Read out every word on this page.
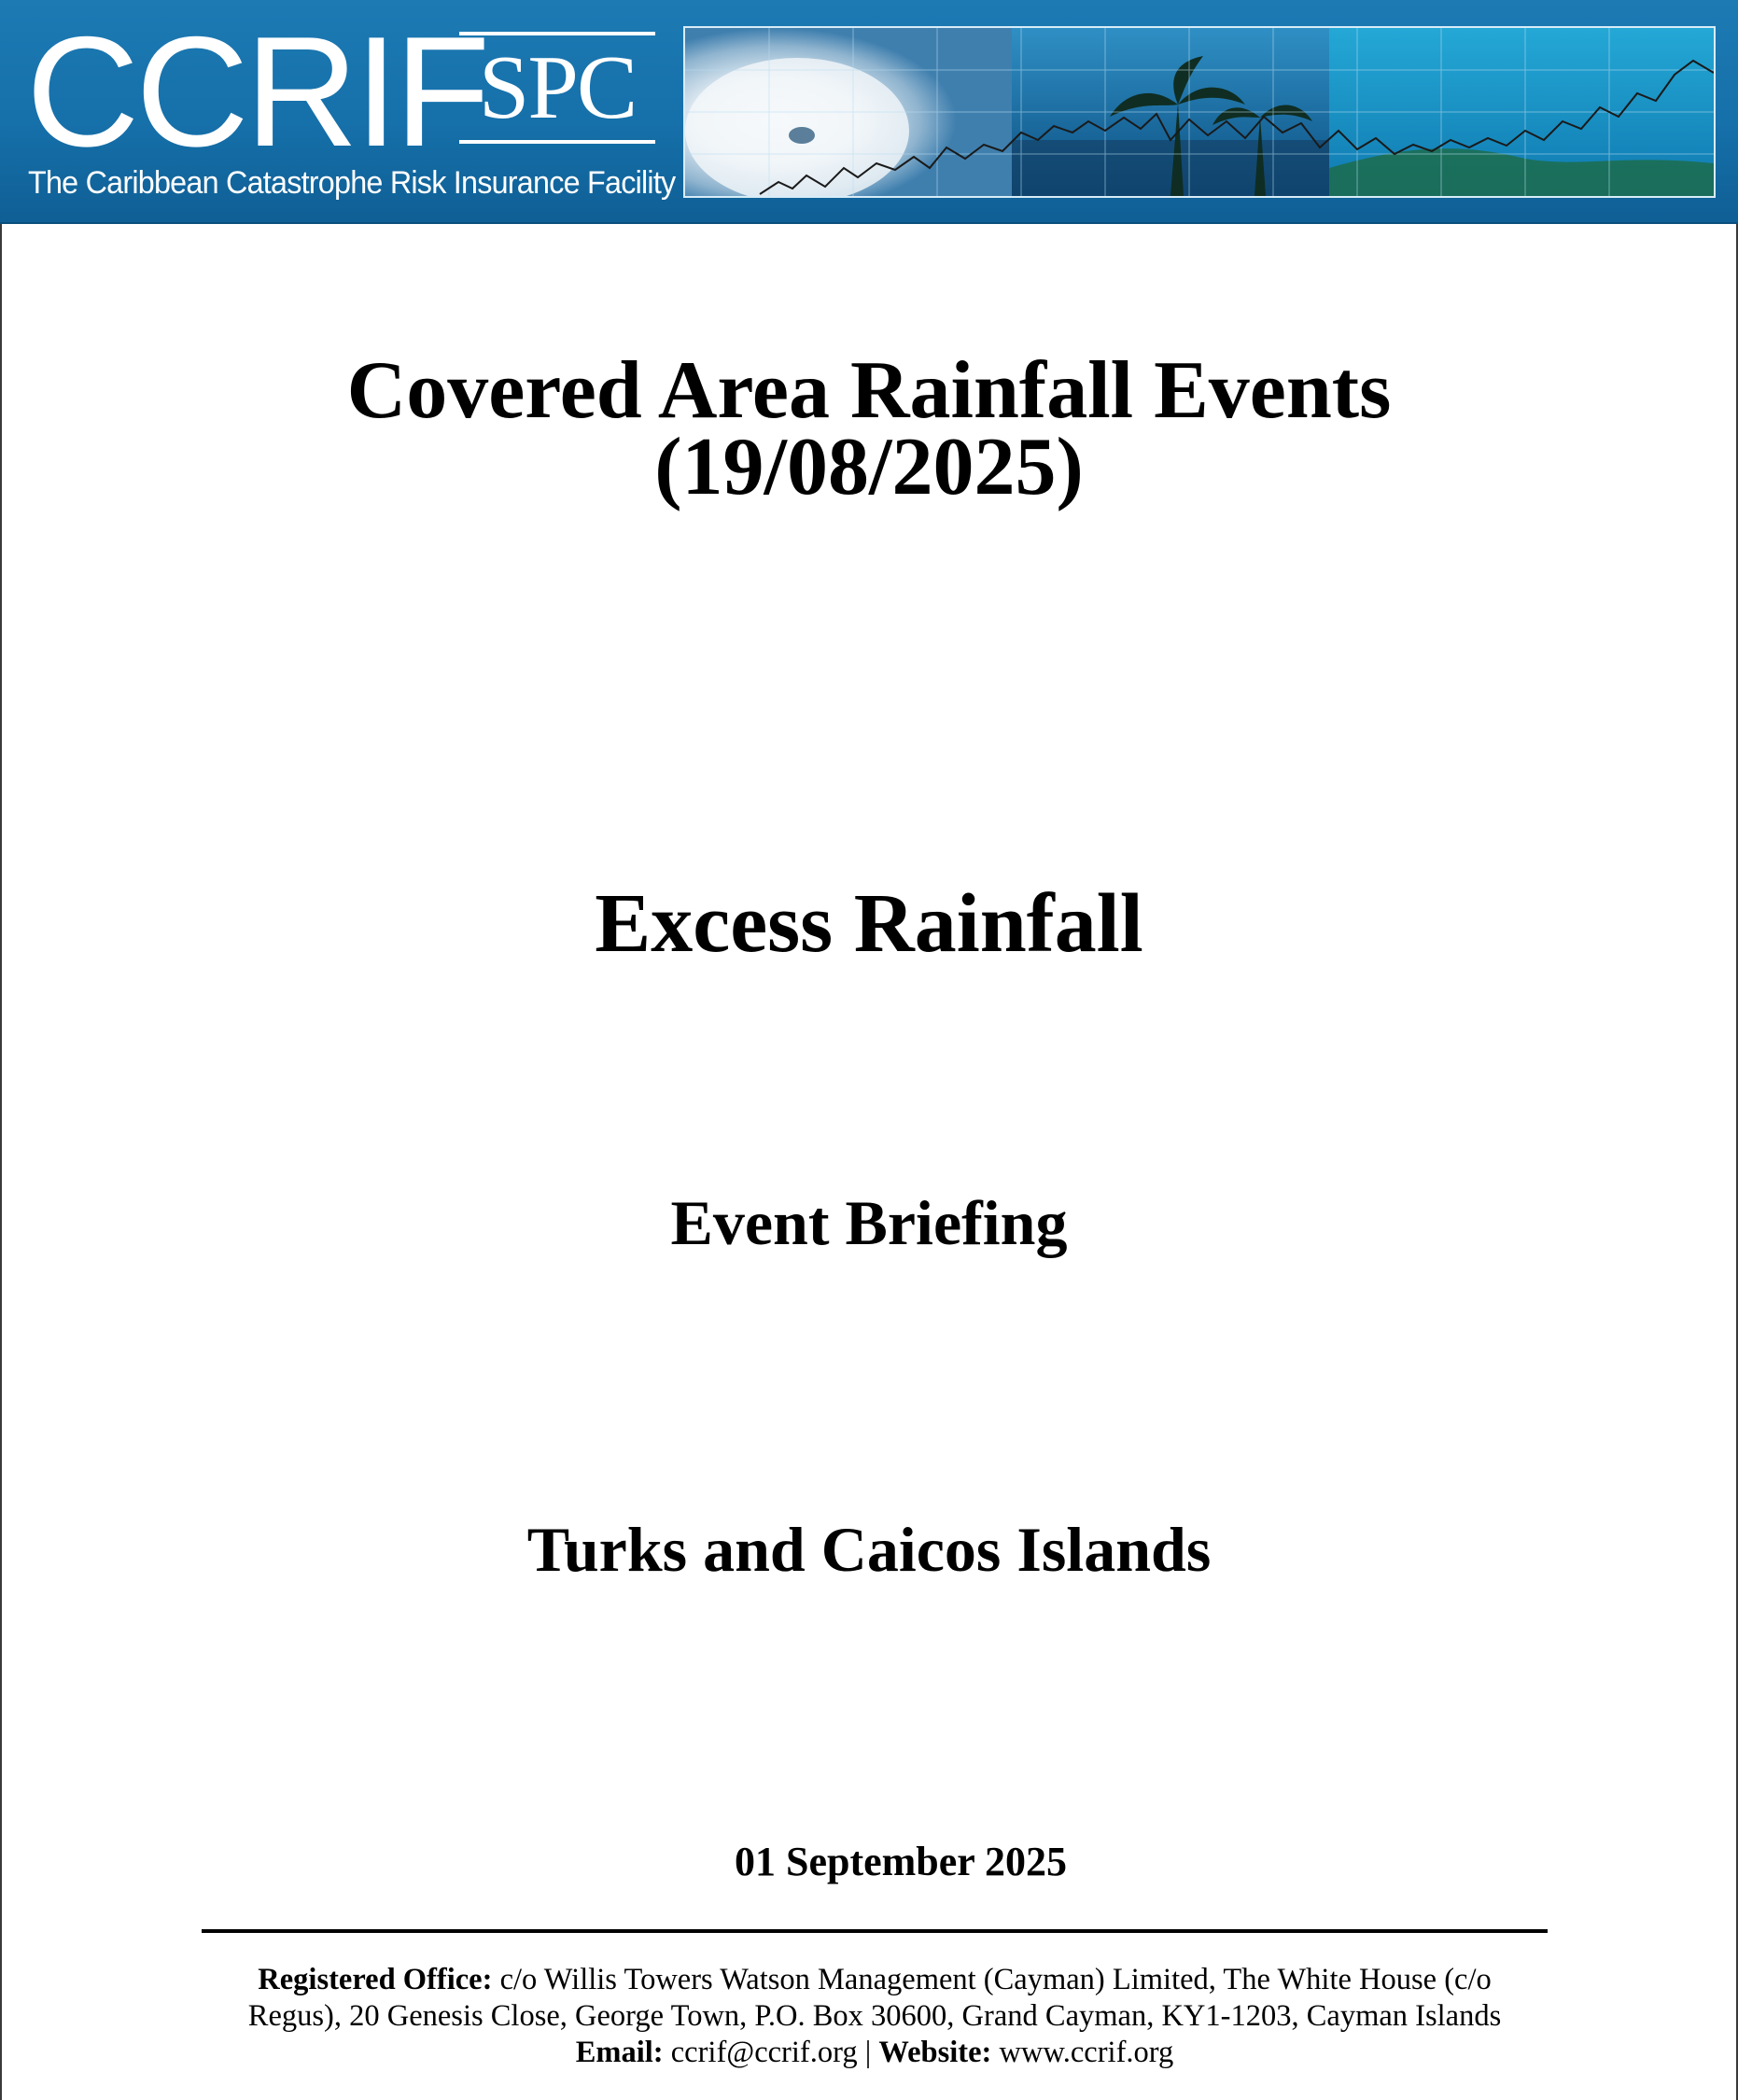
CCRIF
SPC
The Caribbean Catastrophe Risk Insurance Facility
Covered Area Rainfall Events
(19/08/2025)
Excess Rainfall
Event Briefing
Turks and Caicos Islands
01 September 2025
Registered Office: c/o Willis Towers Watson Management (Cayman) Limited, The White House (c/o
Regus), 20 Genesis Close, George Town, P.O. Box 30600, Grand Cayman, KY1-1203, Cayman Islands
Email: ccrif@ccrif.org | Website: www.ccrif.org
